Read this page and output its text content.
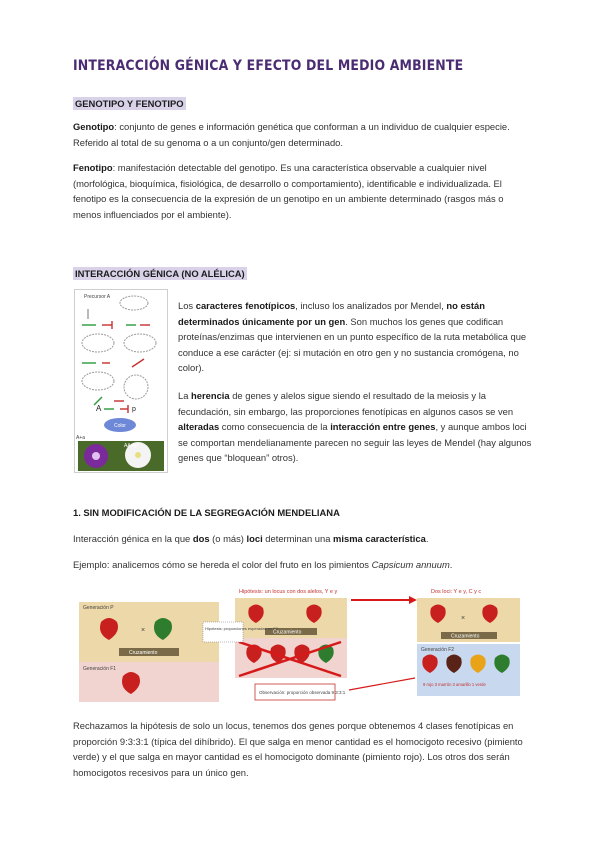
INTERACCIÓN GÉNICA Y EFECTO DEL MEDIO AMBIENTE
GENOTIPO Y FENOTIPO

Genotipo: conjunto de genes e información genética que conforman a un individuo de cualquier especie. Referido al total de su genoma o a un conjunto/gen determinado.

Fenotipo: manifestación detectable del genotipo. Es una característica observable a cualquier nivel (morfológica, bioquímica, fisiológica, de desarrollo o comportamiento), identificable e individualizada. El fenotipo es la consecuencia de la expresión de un genotipo en un ambiente determinado (rasgos más o menos influenciados por el ambiente).

INTERACCIÓN GÉNICA (NO ALÉLICA)
Precursor A
A	p
Color
A+a
AA Ap

Los caracteres fenotípicos, incluso los analizados por Mendel, no están determinados únicamente por un gen. Son muchos los genes que codifican proteínas/enzimas que intervienen en un punto específico de la ruta metabólica que conduce a ese carácter (ej: si mutación en otro gen y no sustancia cromógena, no color).

La herencia de genes y alelos sigue siendo el resultado de la meiosis y la fecundación, sin embargo, las proporciones fenotípicas en algunos casos se ven alteradas como consecuencia de la interacción entre genes, y aunque ambos loci se comportan mendelianamente parecen no seguir las leyes de Mendel (hay algunos genes que “bloquean” otros).

1. SIN MODIFICACIÓN DE LA SEGREGACIÓN MENDELIANA

Interacción génica en la que dos (o más) loci determinan una misma característica.

Ejemplo: analicemos cómo se hereda el color del fruto en los pimientos Capsicum annuum.

Generación P
×
Cruzamiento
Generación F1
Hipótesis: un locus con dos alelos, Y e y
Cruzamiento
Observación: proporción observada 9:3:3:1
Hipótesis: proporciones esperadas en F2
Dos loci: Y e y, C y c
×
Cruzamiento
Generación F2
9 rojo 3 marrón 3 amarillo 1 verde

Rechazamos la hipótesis de solo un locus, tenemos dos genes porque obtenemos 4 clases fenotípicas en proporción 9:3:3:1 (típica del dihíbrido). El que salga en menor cantidad es el homocigoto recesivo (pimiento verde) y el que salga en mayor cantidad es el homocigoto dominante (pimiento rojo). Los otros dos serán homocigotos recesivos para un único gen.
